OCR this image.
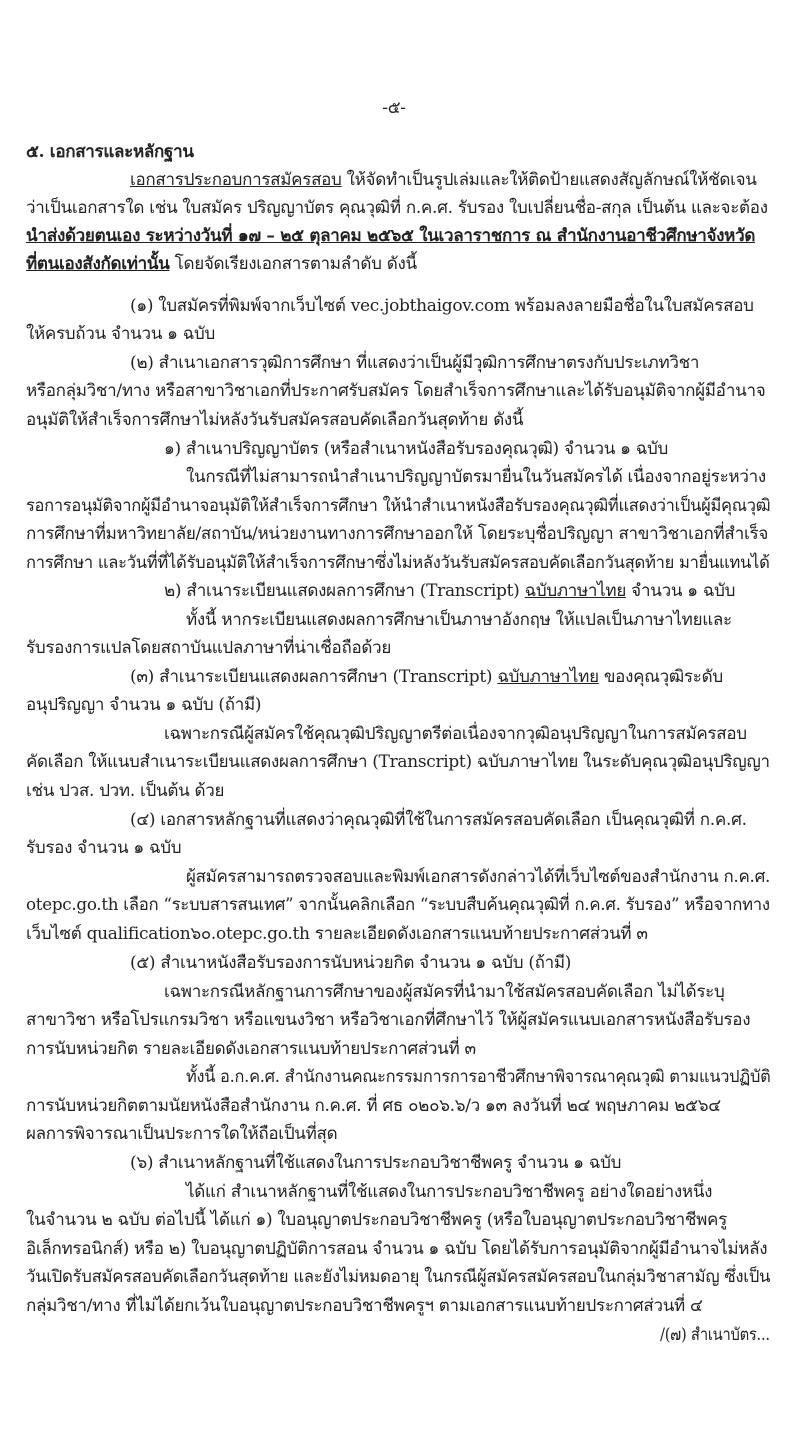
-๕-
๕. เอกสารและหลักฐาน
เอกสารประกอบการสมัครสอบ ให้จัดทำเป็นรูปเล่มและให้ติดป้ายแสดงสัญลักษณ์ให้ชัดเจน
ว่าเป็นเอกสารใด เช่น ใบสมัคร ปริญญาบัตร คุณวุฒิที่ ก.ค.ศ. รับรอง ใบเปลี่ยนชื่อ-สกุล เป็นต้น และจะต้อง
นำส่งด้วยตนเอง ระหว่างวันที่ ๑๗ – ๒๕ ตุลาคม ๒๕๖๕ ในเวลาราชการ ณ สำนักงานอาชีวศึกษาจังหวัด
ที่ตนเองสังกัดเท่านั้น โดยจัดเรียงเอกสารตามลำดับ ดังนี้
(๑) ใบสมัครที่พิมพ์จากเว็บไซต์ vec.jobthaigov.com พร้อมลงลายมือชื่อในใบสมัครสอบ
ให้ครบถ้วน จำนวน ๑ ฉบับ
(๒) สำเนาเอกสารวุฒิการศึกษา ที่แสดงว่าเป็นผู้มีวุฒิการศึกษาตรงกับประเภทวิชา
หรือกลุ่มวิชา/ทาง หรือสาขาวิชาเอกที่ประกาศรับสมัคร โดยสำเร็จการศึกษาและได้รับอนุมัติจากผู้มีอำนาจ
อนุมัติให้สำเร็จการศึกษาไม่หลังวันรับสมัครสอบคัดเลือกวันสุดท้าย ดังนี้
๑) สำเนาปริญญาบัตร (หรือสำเนาหนังสือรับรองคุณวุฒิ) จำนวน ๑ ฉบับ
ในกรณีที่ไม่สามารถนำสำเนาปริญญาบัตรมายื่นในวันสมัครได้ เนื่องจากอยู่ระหว่าง
รอการอนุมัติจากผู้มีอำนาจอนุมัติให้สำเร็จการศึกษา ให้นำสำเนาหนังสือรับรองคุณวุฒิที่แสดงว่าเป็นผู้มีคุณวุฒิ
การศึกษาที่มหาวิทยาลัย/สถาบัน/หน่วยงานทางการศึกษาออกให้ โดยระบุชื่อปริญญา สาขาวิชาเอกที่สำเร็จ
การศึกษา และวันที่ที่ได้รับอนุมัติให้สำเร็จการศึกษาซึ่งไม่หลังวันรับสมัครสอบคัดเลือกวันสุดท้าย มายื่นแทนได้
๒) สำเนาระเบียนแสดงผลการศึกษา (Transcript) ฉบับภาษาไทย จำนวน ๑ ฉบับ
ทั้งนี้ หากระเบียนแสดงผลการศึกษาเป็นภาษาอังกฤษ ให้แปลเป็นภาษาไทยและ
รับรองการแปลโดยสถาบันแปลภาษาที่น่าเชื่อถือด้วย
(๓) สำเนาระเบียนแสดงผลการศึกษา (Transcript) ฉบับภาษาไทย ของคุณวุฒิระดับ
อนุปริญญา จำนวน ๑ ฉบับ (ถ้ามี)
เฉพาะกรณีผู้สมัครใช้คุณวุฒิปริญญาตรีต่อเนื่องจากวุฒิอนุปริญญาในการสมัครสอบ
คัดเลือก ให้แนบสำเนาระเบียนแสดงผลการศึกษา (Transcript) ฉบับภาษาไทย ในระดับคุณวุฒิอนุปริญญา
เช่น ปวส. ปวท. เป็นต้น ด้วย
(๔) เอกสารหลักฐานที่แสดงว่าคุณวุฒิที่ใช้ในการสมัครสอบคัดเลือก เป็นคุณวุฒิที่ ก.ค.ศ.
รับรอง จำนวน ๑ ฉบับ
ผู้สมัครสามารถตรวจสอบและพิมพ์เอกสารดังกล่าวได้ที่เว็บไซต์ของสำนักงาน ก.ค.ศ.
otepc.go.th เลือก “ระบบสารสนเทศ” จากนั้นคลิกเลือก “ระบบสืบค้นคุณวุฒิที่ ก.ค.ศ. รับรอง” หรือจากทาง
เว็บไซต์ qualification๖๐.otepc.go.th รายละเอียดดังเอกสารแนบท้ายประกาศส่วนที่ ๓
(๕) สำเนาหนังสือรับรองการนับหน่วยกิต จำนวน ๑ ฉบับ (ถ้ามี)
เฉพาะกรณีหลักฐานการศึกษาของผู้สมัครที่นำมาใช้สมัครสอบคัดเลือก ไม่ได้ระบุ
สาขาวิชา หรือโปรแกรมวิชา หรือแขนงวิชา หรือวิชาเอกที่ศึกษาไว้ ให้ผู้สมัครแนบเอกสารหนังสือรับรอง
การนับหน่วยกิต รายละเอียดดังเอกสารแนบท้ายประกาศส่วนที่ ๓
ทั้งนี้ อ.ก.ค.ศ. สำนักงานคณะกรรมการการอาชีวศึกษาพิจารณาคุณวุฒิ ตามแนวปฏิบัติ
การนับหน่วยกิตตามนัยหนังสือสำนักงาน ก.ค.ศ. ที่ ศธ ๐๒๐๖.๖/ว ๑๓ ลงวันที่ ๒๔ พฤษภาคม ๒๕๖๔
ผลการพิจารณาเป็นประการใดให้ถือเป็นที่สุด
(๖) สำเนาหลักฐานที่ใช้แสดงในการประกอบวิชาชีพครู จำนวน ๑ ฉบับ
ได้แก่ สำเนาหลักฐานที่ใช้แสดงในการประกอบวิชาชีพครู อย่างใดอย่างหนึ่ง
ในจำนวน ๒ ฉบับ ต่อไปนี้ ได้แก่ ๑) ใบอนุญาตประกอบวิชาชีพครู (หรือใบอนุญาตประกอบวิชาชีพครู
อิเล็กทรอนิกส์) หรือ ๒) ใบอนุญาตปฏิบัติการสอน จำนวน ๑ ฉบับ โดยได้รับการอนุมัติจากผู้มีอำนาจไม่หลัง
วันเปิดรับสมัครสอบคัดเลือกวันสุดท้าย และยังไม่หมดอายุ ในกรณีผู้สมัครสมัครสอบในกลุ่มวิชาสามัญ ซึ่งเป็น
กลุ่มวิชา/ทาง ที่ไม่ได้ยกเว้นใบอนุญาตประกอบวิชาชีพครูฯ ตามเอกสารแนบท้ายประกาศส่วนที่ ๔
/(๗) สำเนาบัตร...
